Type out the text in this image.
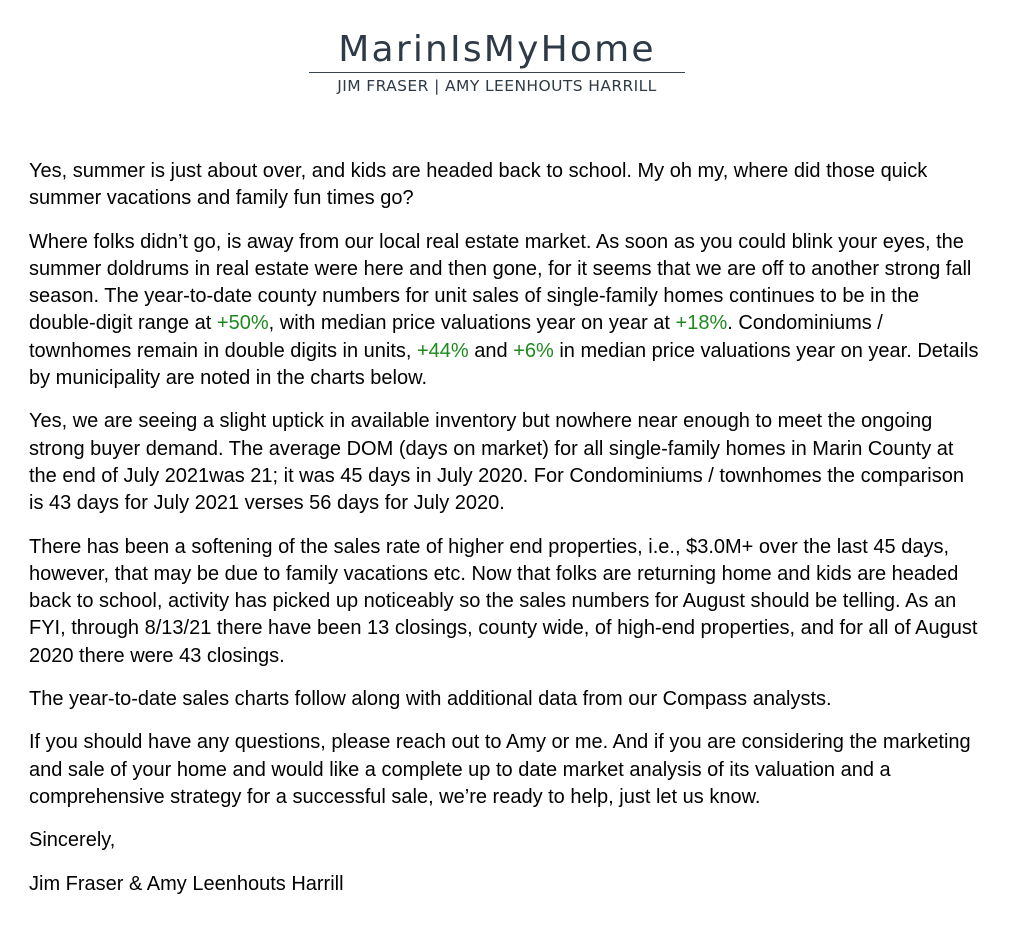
MarinIsMyHome
JIM FRASER | AMY LEENHOUTS HARRILL

Yes, summer is just about over, and kids are headed back to school. My oh my, where did those quick summer vacations and family fun times go?

Where folks didn’t go, is away from our local real estate market. As soon as you could blink your eyes, the summer doldrums in real estate were here and then gone, for it seems that we are off to another strong fall season. The year-to-date county numbers for unit sales of single-family homes continues to be in the double-digit range at +50%, with median price valuations year on year at +18%. Condominiums / townhomes remain in double digits in units, +44% and +6% in median price valuations year on year. Details by municipality are noted in the charts below.

Yes, we are seeing a slight uptick in available inventory but nowhere near enough to meet the ongoing strong buyer demand. The average DOM (days on market) for all single-family homes in Marin County at the end of July 2021was 21; it was 45 days in July 2020. For Condominiums / townhomes the comparison is 43 days for July 2021 verses 56 days for July 2020.

There has been a softening of the sales rate of higher end properties, i.e., $3.0M+ over the last 45 days, however, that may be due to family vacations etc. Now that folks are returning home and kids are headed back to school, activity has picked up noticeably so the sales numbers for August should be telling. As an FYI, through 8/13/21 there have been 13 closings, county wide, of high-end properties, and for all of August 2020 there were 43 closings.

The year-to-date sales charts follow along with additional data from our Compass analysts.

If you should have any questions, please reach out to Amy or me. And if you are considering the marketing and sale of your home and would like a complete up to date market analysis of its valuation and a comprehensive strategy for a successful sale, we’re ready to help, just let us know.

Sincerely,

Jim Fraser & Amy Leenhouts Harrill
